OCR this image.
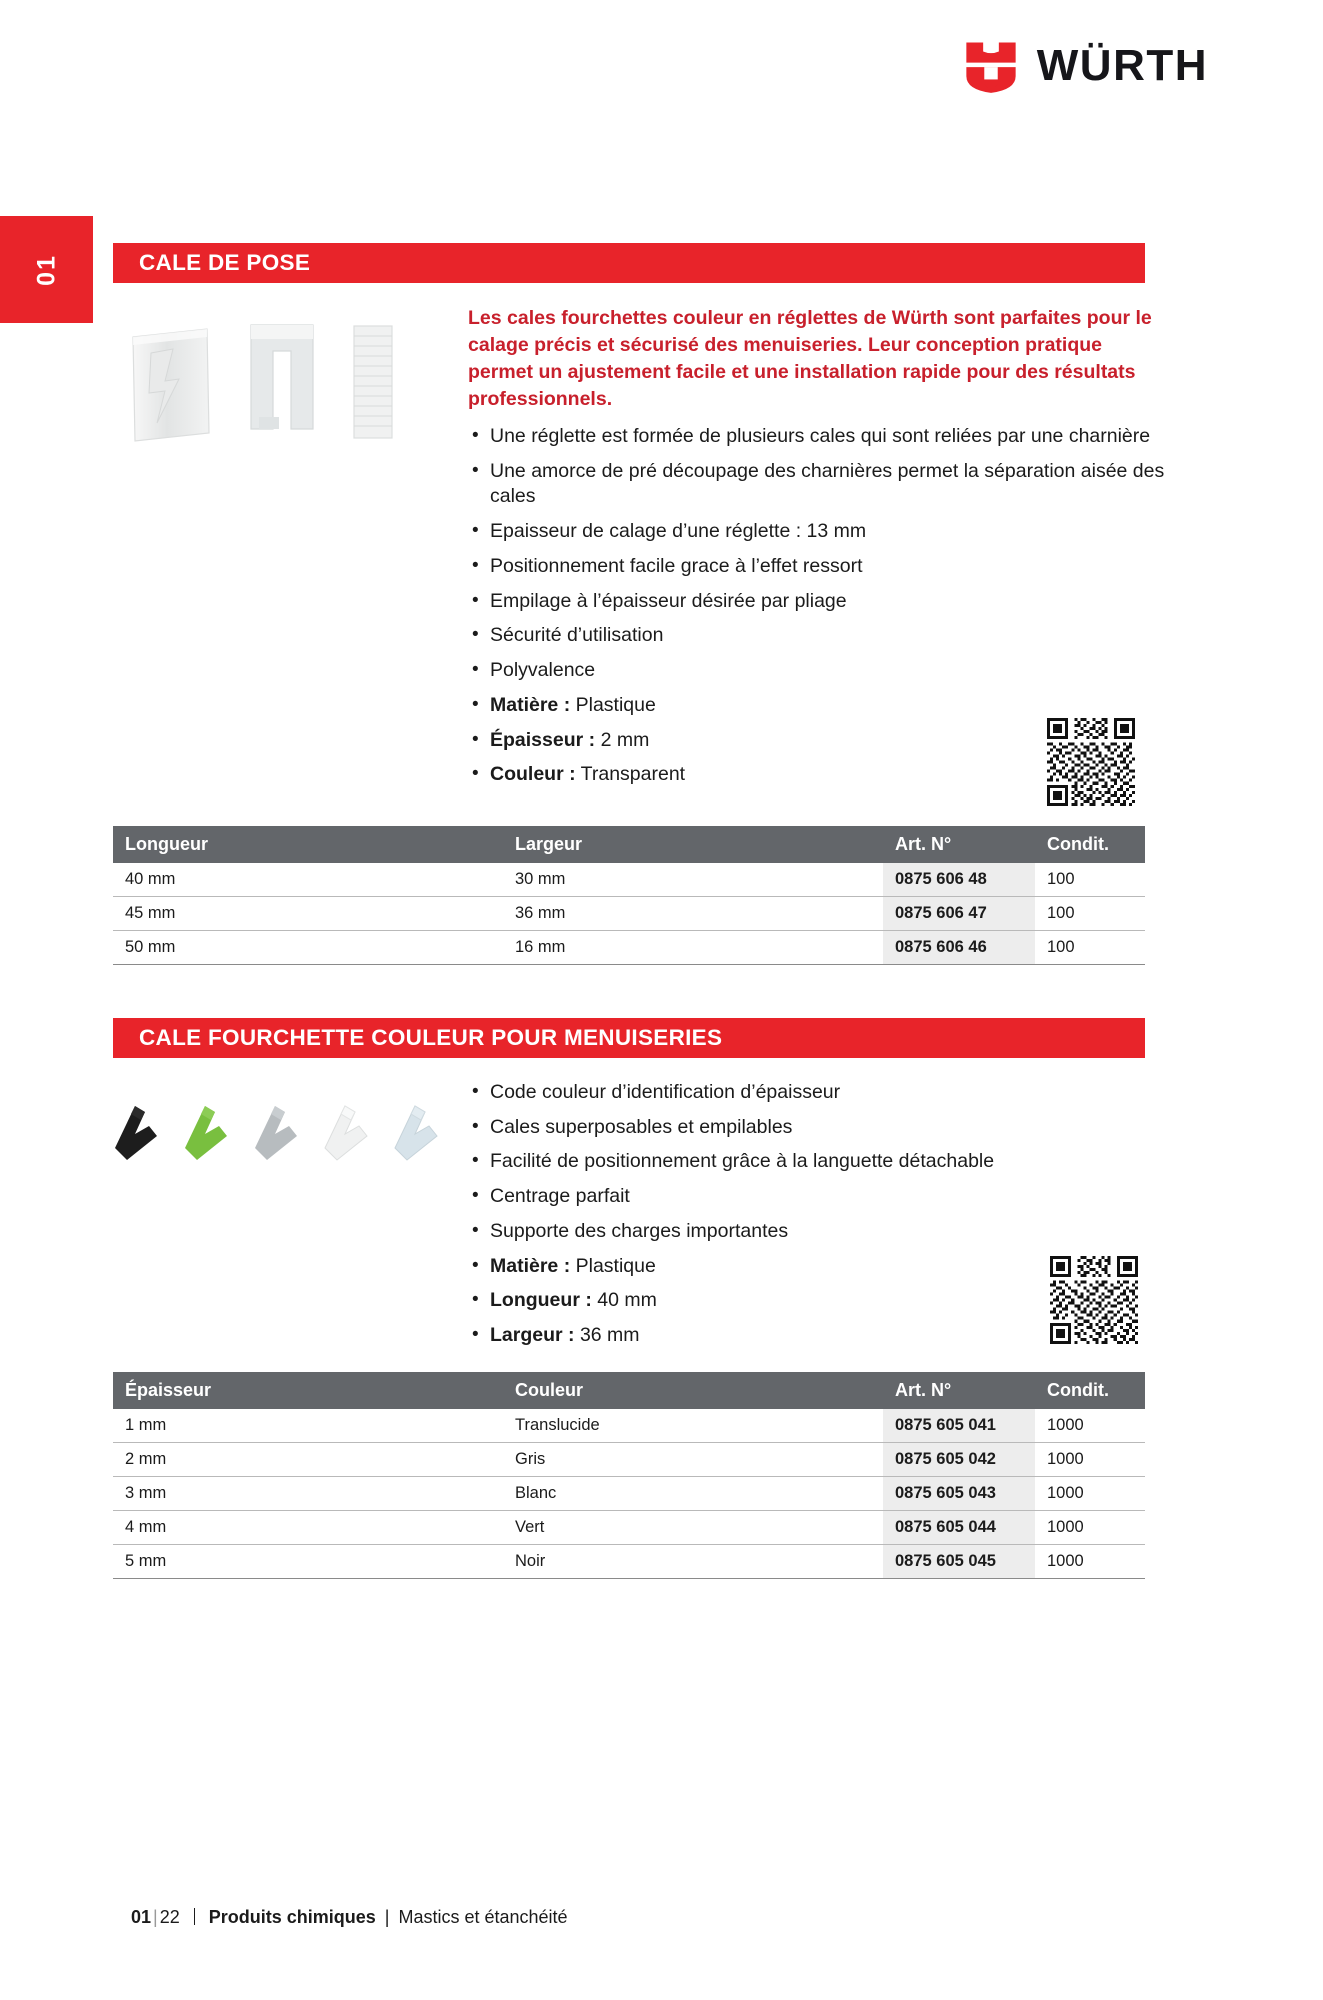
WÜRTH
01	CALE DE POSE
Les cales fourchettes couleur en réglettes de Würth sont parfaites pour le calage précis et sécurisé des menuiseries. Leur conception pratique permet un ajustement facile et une installation rapide pour des résultats professionnels.
• Une réglette est formée de plusieurs cales qui sont reliées par une charnière
• Une amorce de pré découpage des charnières permet la séparation aisée des cales
• Epaisseur de calage d’une réglette : 13 mm
• Positionnement facile grace à l’effet ressort
• Empilage à l’épaisseur désirée par pliage
• Sécurité d’utilisation
• Polyvalence
• Matière : Plastique
• Épaisseur : 2 mm
• Couleur : Transparent
Longueur	Largeur	Art. N°	Condit.
40 mm	30 mm	0875 606 48	100
45 mm	36 mm	0875 606 47	100
50 mm	16 mm	0875 606 46	100
CALE FOURCHETTE COULEUR POUR MENUISERIES
• Code couleur d’identification d’épaisseur
• Cales superposables et empilables
• Facilité de positionnement grâce à la languette détachable
• Centrage parfait
• Supporte des charges importantes
• Matière : Plastique
• Longueur : 40 mm
• Largeur : 36 mm
Épaisseur	Couleur	Art. N°	Condit.
1 mm	Translucide	0875 605 041	1000
2 mm	Gris	0875 605 042	1000
3 mm	Blanc	0875 605 043	1000
4 mm	Vert	0875 605 044	1000
5 mm	Noir	0875 605 045	1000
01 | 22 Produits chimiques | Mastics et étanchéité
